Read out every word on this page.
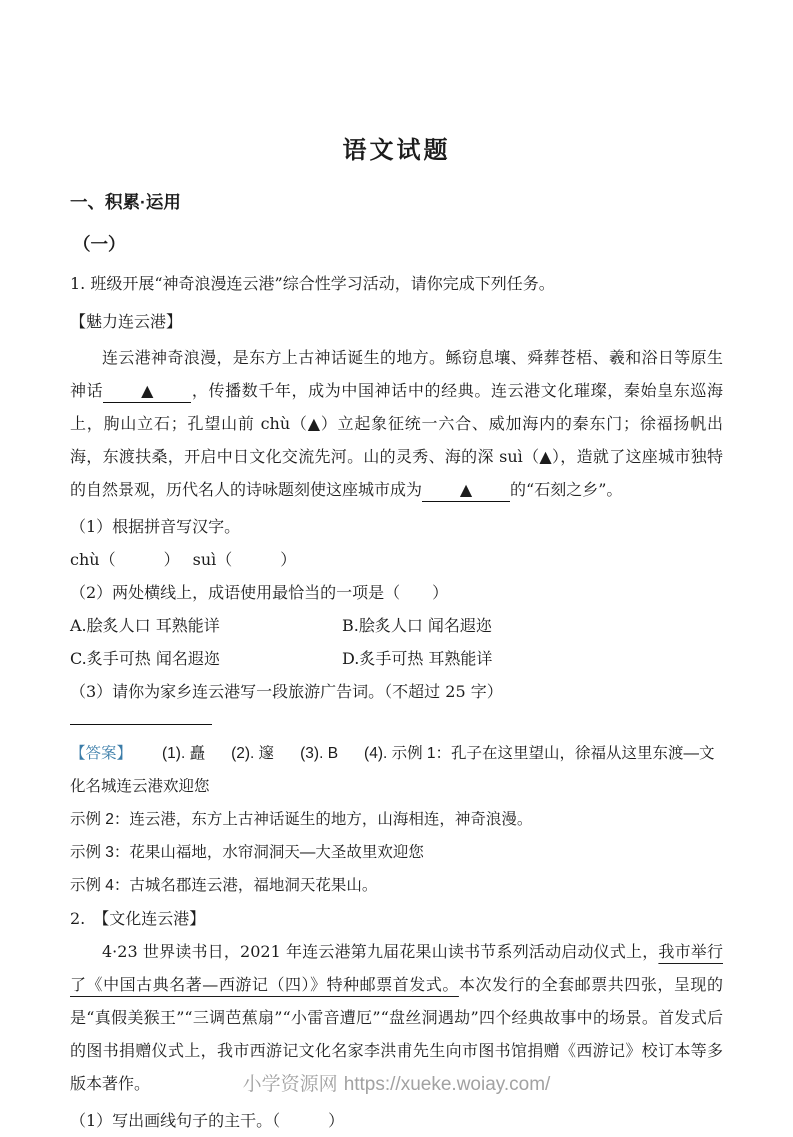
语文试题
一、积累·运用
（一）

1. 班级开展“神奇浪漫连云港”综合性学习活动，请你完成下列任务。

【魅力连云港】

连云港神奇浪漫，是东方上古神话诞生的地方。鲧窃息壤、舜葬苍梧、羲和浴日等原生神话 ▲ ，传播数千年，成为中国神话中的经典。连云港文化璀璨，秦始皇东巡海上，朐山立石；孔望山前 chù（▲）立起象征统一六合、威加海内的秦东门；徐福扬帆出海，东渡扶桑，开启中日文化交流先河。山的灵秀、海的深 suì（▲），造就了这座城市独特的自然景观，历代名人的诗咏题刻使这座城市成为 ▲ 的“石刻之乡”。

（1）根据拼音写汉字。

chù（　　　）　 suì（　　　）

（2）两处横线上，成语使用最恰当的一项是（　　）

A.脍炙人口 耳熟能详	B.脍炙人口 闻名遐迩
C.炙手可热 闻名遐迩	D.炙手可热 耳熟能详

（3）请你为家乡连云港写一段旅游广告词。（不超过 25 字）

【答案】 (1). 矗 (2). 邃 (3). B (4). 示例 1：孔子在这里望山，徐福从这里东渡—文化名城连云港欢迎您

示例 2：连云港，东方上古神话诞生的地方，山海相连，神奇浪漫。

示例 3：花果山福地，水帘洞洞天—大圣故里欢迎您

示例 4：古城名郡连云港，福地洞天花果山。

2. 【文化连云港】

4·23 世界读书日，2021 年连云港第九届花果山读书节系列活动启动仪式上，我市举行了《中国古典名著—西游记（四）》特种邮票首发式。本次发行的全套邮票共四张，呈现的是“真假美猴王”“三调芭蕉扇”“小雷音遭厄”“盘丝洞遇劫”四个经典故事中的场景。首发式后的图书捐赠仪式上，我市西游记文化名家李洪甫先生向市图书馆捐赠《西游记》校订本等多版本著作。

（1）写出画线句子的主干。（　　　）

小学资源网 https://xueke.woiay.com/
